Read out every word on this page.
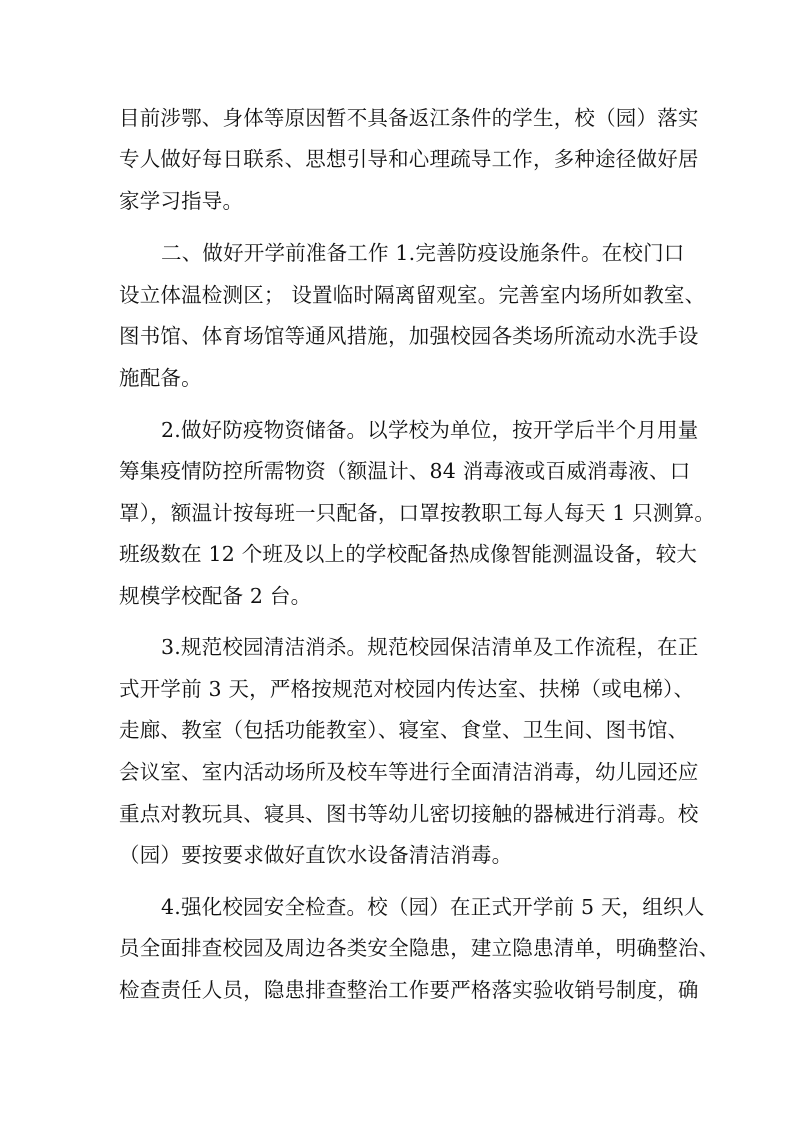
目前涉鄂、身体等原因暂不具备返江条件的学生，校（园）落实
专人做好每日联系、思想引导和心理疏导工作，多种途径做好居
家学习指导。
二、做好开学前准备工作 1.完善防疫设施条件。在校门口
设立体温检测区； 设置临时隔离留观室。完善室内场所如教室、
图书馆、体育场馆等通风措施，加强校园各类场所流动水洗手设
施配备。
2.做好防疫物资储备。以学校为单位，按开学后半个月用量
筹集疫情防控所需物资（额温计、84 消毒液或百威消毒液、口
罩），额温计按每班一只配备，口罩按教职工每人每天 1 只测算。
班级数在 12 个班及以上的学校配备热成像智能测温设备，较大
规模学校配备 2 台。
3.规范校园清洁消杀。规范校园保洁清单及工作流程，在正
式开学前 3 天，严格按规范对校园内传达室、扶梯（或电梯）、
走廊、教室（包括功能教室）、寝室、食堂、卫生间、图书馆、
会议室、室内活动场所及校车等进行全面清洁消毒，幼儿园还应
重点对教玩具、寝具、图书等幼儿密切接触的器械进行消毒。校
（园）要按要求做好直饮水设备清洁消毒。
4.强化校园安全检查。校（园）在正式开学前 5 天，组织人
员全面排查校园及周边各类安全隐患，建立隐患清单，明确整治、
检查责任人员，隐患排查整治工作要严格落实验收销号制度，确
